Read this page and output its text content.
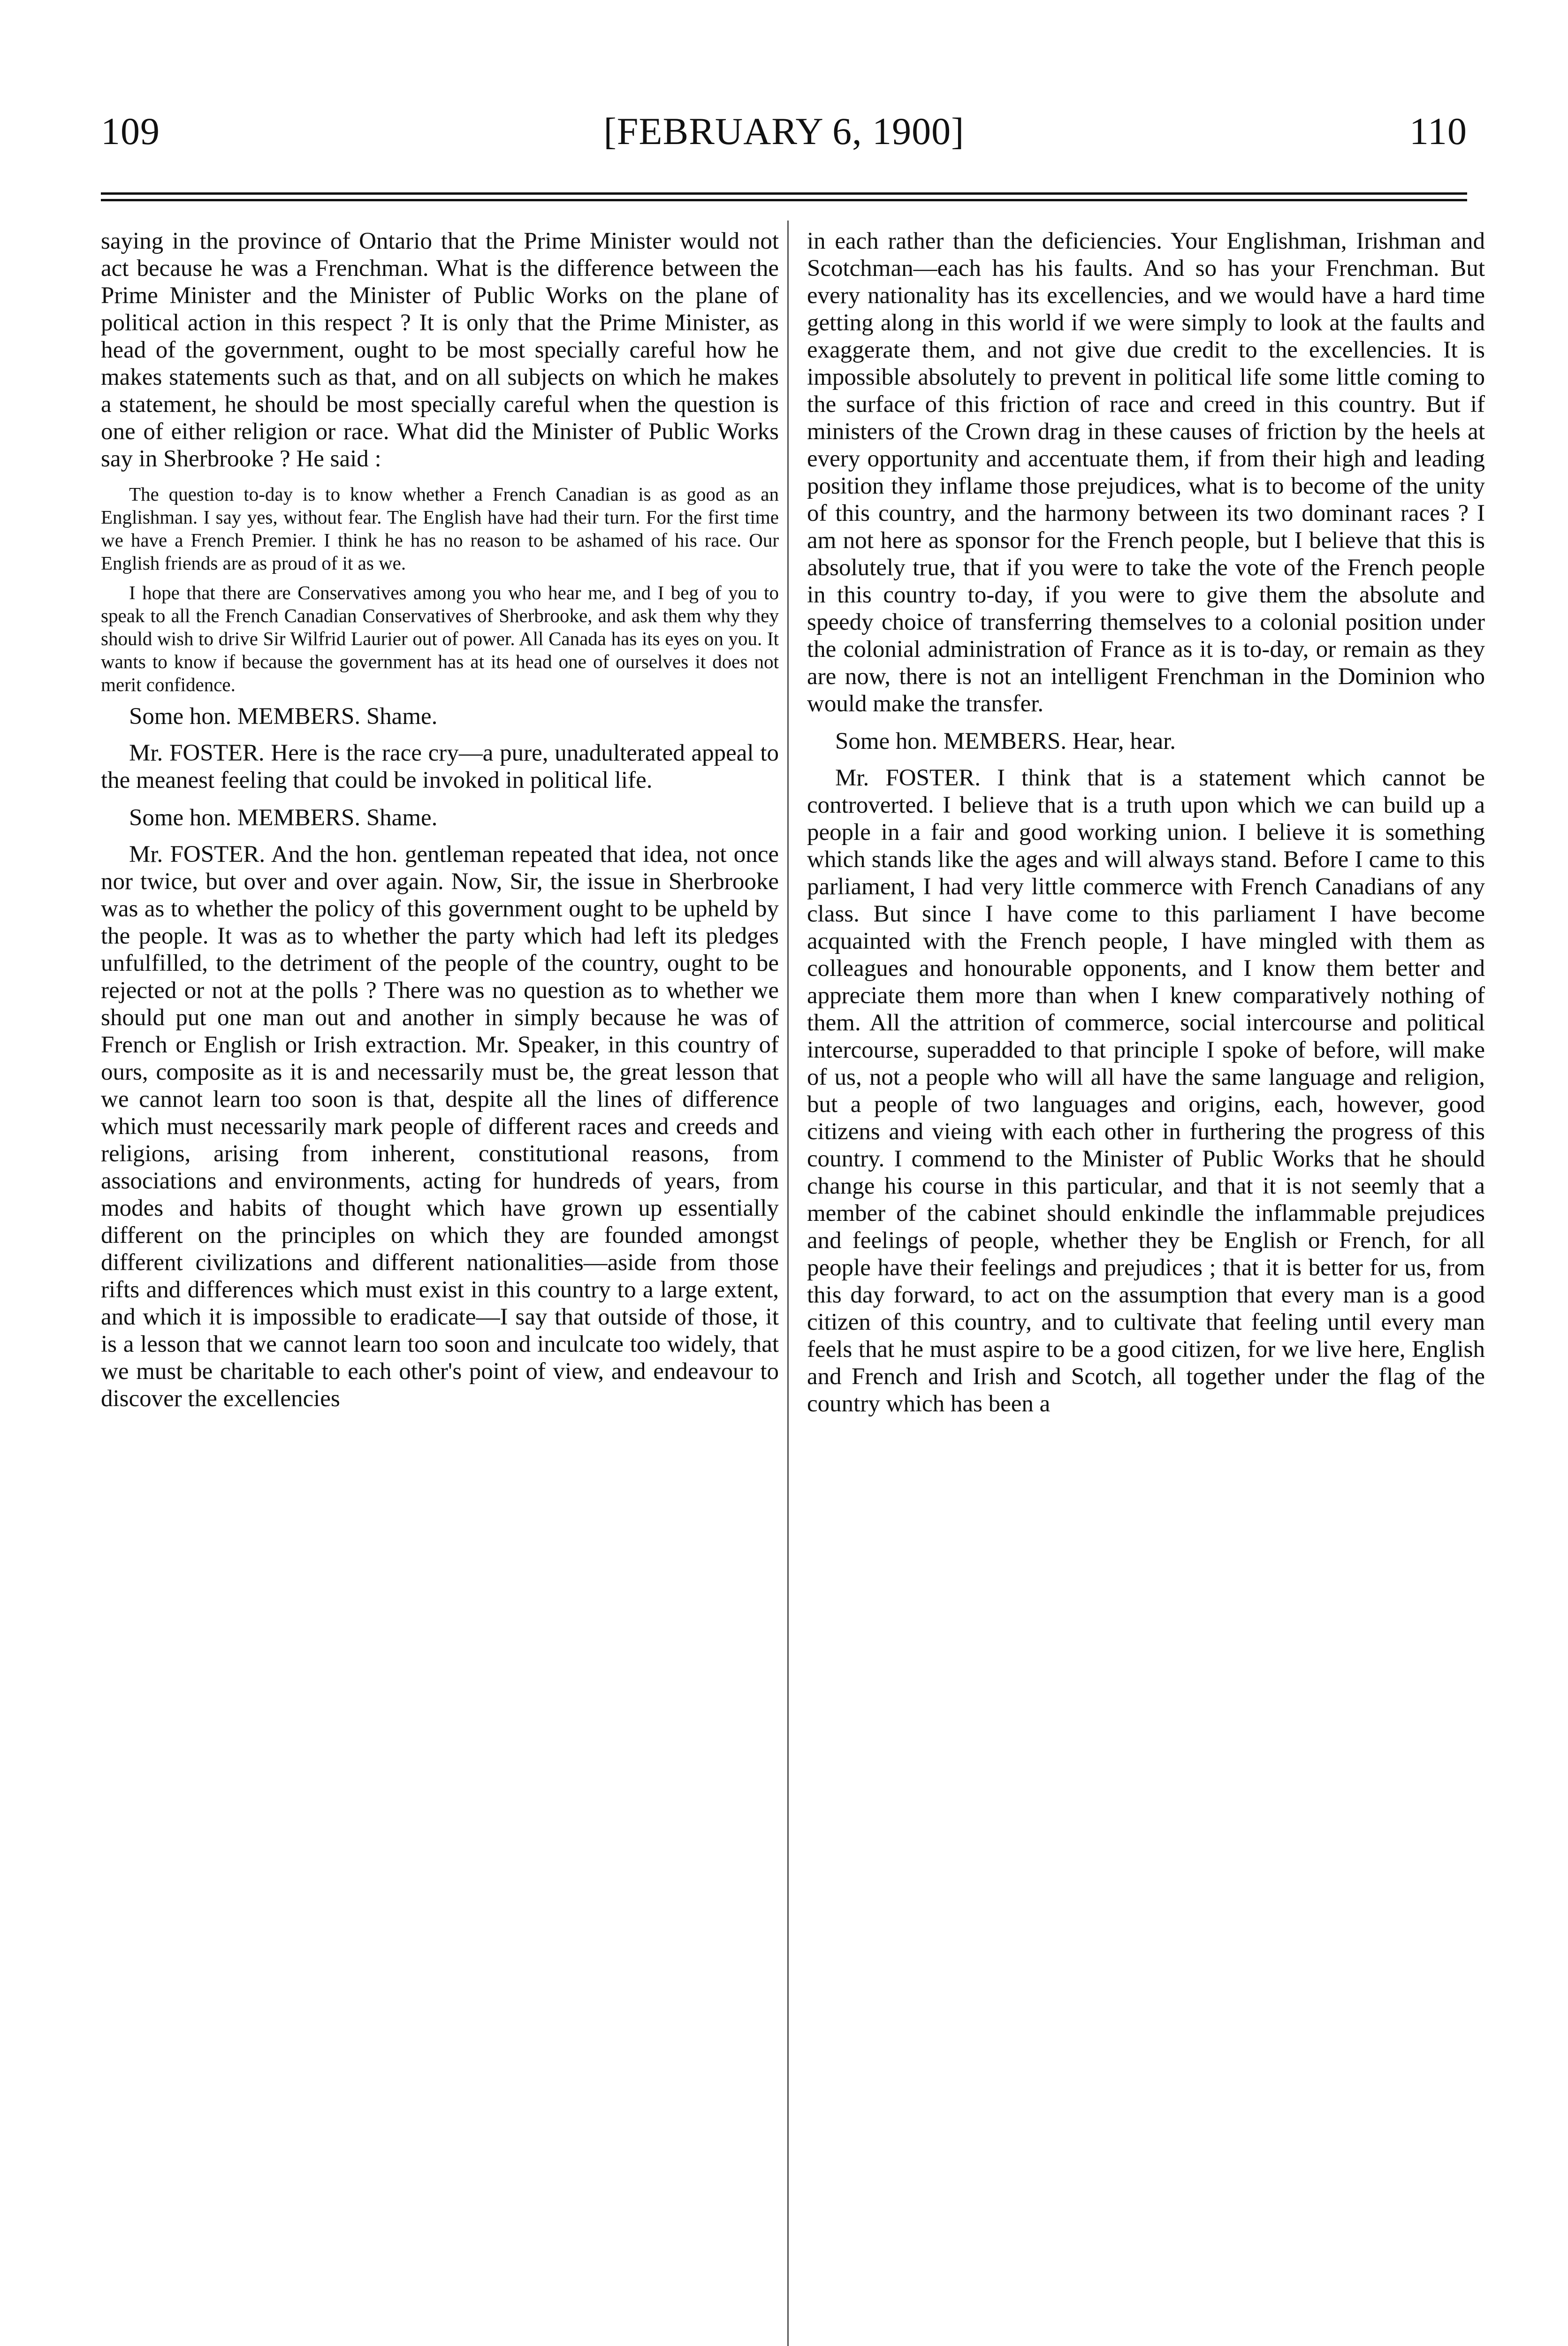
109	[FEBRUARY 6, 1900]	110

saying in the province of Ontario that the Prime Minister would not act because he was a Frenchman. What is the difference between the Prime Minister and the Minister of Public Works on the plane of political action in this respect ? It is only that the Prime Minister, as head of the government, ought to be most specially careful how he makes statements such as that, and on all subjects on which he makes a statement, he should be most specially careful when the question is one of either religion or race. What did the Minister of Public Works say in Sherbrooke ? He said :

The question to-day is to know whether a French Canadian is as good as an Englishman. I say yes, without fear. The English have had their turn. For the first time we have a French Premier. I think he has no reason to be ashamed of his race. Our English friends are as proud of it as we.

I hope that there are Conservatives among you who hear me, and I beg of you to speak to all the French Canadian Conservatives of Sherbrooke, and ask them why they should wish to drive Sir Wilfrid Laurier out of power. All Canada has its eyes on you. It wants to know if because the government has at its head one of ourselves it does not merit confidence.

Some hon. MEMBERS. Shame.

Mr. FOSTER. Here is the race cry—a pure, unadulterated appeal to the meanest feeling that could be invoked in political life.

Some hon. MEMBERS. Shame.

Mr. FOSTER. And the hon. gentleman repeated that idea, not once nor twice, but over and over again. Now, Sir, the issue in Sherbrooke was as to whether the policy of this government ought to be upheld by the people. It was as to whether the party which had left its pledges unfulfilled, to the detriment of the people of the country, ought to be rejected or not at the polls ? There was no question as to whether we should put one man out and another in simply because he was of French or English or Irish extraction. Mr. Speaker, in this country of ours, composite as it is and necessarily must be, the great lesson that we cannot learn too soon is that, despite all the lines of difference which must necessarily mark people of different races and creeds and religions, arising from inherent, constitutional reasons, from associations and environments, acting for hundreds of years, from modes and habits of thought which have grown up essentially different on the principles on which they are founded amongst different civilizations and different nationalities—aside from those rifts and differences which must exist in this country to a large extent, and which it is impossible to eradicate—I say that outside of those, it is a lesson that we cannot learn too soon and inculcate too widely, that we must be charitable to each other's point of view, and endeavour to discover the excellencies

in each rather than the deficiencies. Your Englishman, Irishman and Scotchman—each has his faults. And so has your Frenchman. But every nationality has its excellencies, and we would have a hard time getting along in this world if we were simply to look at the faults and exaggerate them, and not give due credit to the excellencies. It is impossible absolutely to prevent in political life some little coming to the surface of this friction of race and creed in this country. But if ministers of the Crown drag in these causes of friction by the heels at every opportunity and accentuate them, if from their high and leading position they inflame those prejudices, what is to become of the unity of this country, and the harmony between its two dominant races ? I am not here as sponsor for the French people, but I believe that this is absolutely true, that if you were to take the vote of the French people in this country to-day, if you were to give them the absolute and speedy choice of transferring themselves to a colonial position under the colonial administration of France as it is to-day, or remain as they are now, there is not an intelligent Frenchman in the Dominion who would make the transfer.

Some hon. MEMBERS. Hear, hear.

Mr. FOSTER. I think that is a statement which cannot be controverted. I believe that is a truth upon which we can build up a people in a fair and good working union. I believe it is something which stands like the ages and will always stand. Before I came to this parliament, I had very little commerce with French Canadians of any class. But since I have come to this parliament I have become acquainted with the French people, I have mingled with them as colleagues and honourable opponents, and I know them better and appreciate them more than when I knew comparatively nothing of them. All the attrition of commerce, social intercourse and political intercourse, superadded to that principle I spoke of before, will make of us, not a people who will all have the same language and religion, but a people of two languages and origins, each, however, good citizens and vieing with each other in furthering the progress of this country. I commend to the Minister of Public Works that he should change his course in this particular, and that it is not seemly that a member of the cabinet should enkindle the inflammable prejudices and feelings of people, whether they be English or French, for all people have their feelings and prejudices ; that it is better for us, from this day forward, to act on the assumption that every man is a good citizen of this country, and to cultivate that feeling until every man feels that he must aspire to be a good citizen, for we live here, English and French and Irish and Scotch, all together under the flag of the country which has been a
